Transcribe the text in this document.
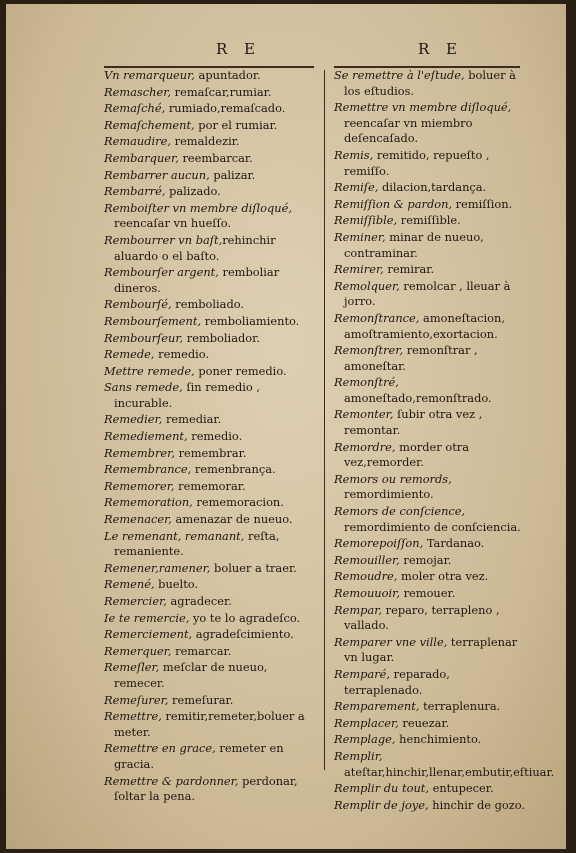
R E	R E
Vn remarqueur, apuntador.
Remascher, remaſcar,rumiar.
Remaſché, rumiado,remaſcado.
Remaſchement, por el rumiar.
Remaudire, remaldezir.
Rembarquer, reembarcar.
Rembarrer aucun, palizar.
Rembarré, palizado.
Remboiſter vn membre diſloqué, reencaſar vn hueſſo.
Rembourrer vn baſt,rehinchir aluardo o el baſto.
Rembourſer argent, remboliar dineros.
Rembourſé, remboliado.
Rembourſement, remboliamiento.
Rembourſeur, remboliador.
Remede, remedio.
Mettre remede, poner remedio.
Sans remede, ſin remedio , incurable.
Remedier, remediar.
Remediement, remedio.
Remembrer, remembrar.
Remembrance, remenbrança.
Rememorer, rememorar.
Rememoration, rememoracion.
Remenacer, amenazar de nueuo.
Le remenant, remanant, reſta, remaniente.
Remener,ramener, boluer a traer.
Remené, buelto.
Remercier, agradecer.
Ie te remercie, yo te lo agradeſco.
Remerciement, agradeſcimiento.
Remerquer, remarcar.
Remeſler, meſclar de nueuo, remecer.
Remeſurer, remeſurar.
Remettre, remitir,remeter,boluer a meter.
Remettre en grace, remeter en gracia.
Remettre & pardonner, perdonar, ſoltar la pena.
Se remettre à l'eſtude, boluer à los eſtudios.
Remettre vn membre diſloqué, reencaſar vn miembro deſencaſado.
Remis, remitido, repueſto , remiſſo.
Remiſe, dilacion,tardança.
Remiſſion & pardon, remiſſion.
Remiſſible, remiſſible.
Reminer, minar de nueuo, contraminar.
Remirer, remirar.
Remolquer, remolcar , lleuar à jorro.
Remonſtrance, amoneſtacion, amoſtramiento,exortacion.
Remonſtrer, remonſtrar , amoneſtar.
Remonſtré, amoneſtado,remonſtrado.
Remonter, ſubir otra vez , remontar.
Remordre, morder otra vez,remorder.
Remors ou remords, remordimiento.
Remors de conſcience, remordimiento de conſciencia.
Remorepoiſſon, Tardanao.
Remouiller, remojar.
Remoudre, moler otra vez.
Remouuoir, remouer.
Rempar, reparo, terrapleno , vallado.
Remparer vne ville, terraplenar vn lugar.
Remparé, reparado, terraplenado.
Remparement, terraplenura.
Remplacer, reuezar.
Remplage, henchimiento.
Remplir, ateſtar,hinchir,llenar,embutir,eſtiuar.
Remplir du tout, entupecer.
Remplir de joye, hinchir de gozo.
